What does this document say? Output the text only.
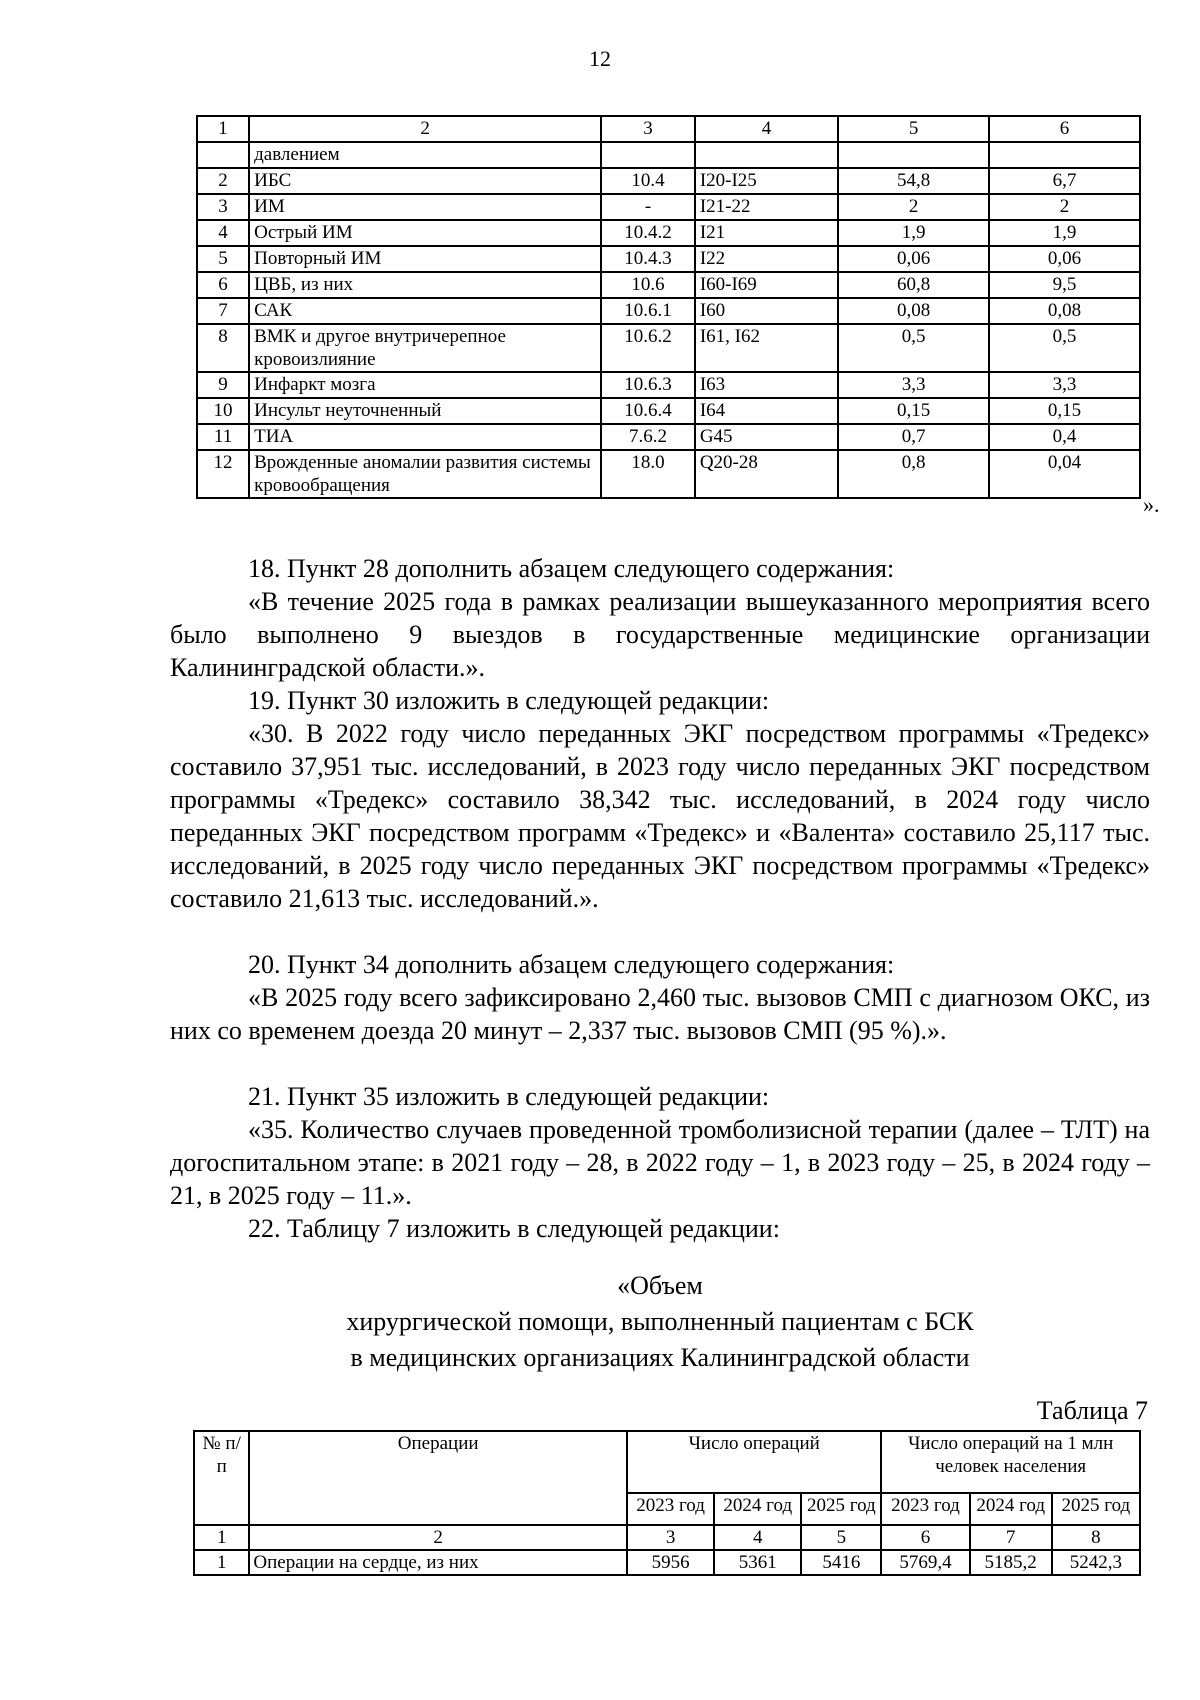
12
1	2	3	4	5	6
	давлением				
2	ИБС	10.4	I20-I25	54,8	6,7
3	ИМ	-	I21-22	2	2
4	Острый ИМ	10.4.2	I21	1,9	1,9
5	Повторный ИМ	10.4.3	I22	0,06	0,06
6	ЦВБ, из них	10.6	I60-I69	60,8	9,5
7	САК	10.6.1	I60	0,08	0,08
8	ВМК и другое внутричерепное кровоизлияние	10.6.2	I61, I62	0,5	0,5
9	Инфаркт мозга	10.6.3	I63	3,3	3,3
10	Инсульт неуточненный	10.6.4	I64	0,15	0,15
11	ТИА	7.6.2	G45	0,7	0,4
12	Врожденные аномалии развития системы кровообращения	18.0	Q20-28	0,8	0,04
».

18. Пункт 28 дополнить абзацем следующего содержания:

«В течение 2025 года в рамках реализации вышеуказанного мероприятия всего было выполнено 9 выездов в государственные медицинские организации Калининградской области.».

19. Пункт 30 изложить в следующей редакции:

«30. В 2022 году число переданных ЭКГ посредством программы «Тредекс» составило 37,951 тыс. исследований, в 2023 году число переданных ЭКГ посредством программы «Тредекс» составило 38,342 тыс. исследований, в 2024 году число переданных ЭКГ посредством программ «Тредекс» и «Валента» составило 25,117 тыс. исследований, в 2025 году число переданных ЭКГ посредством программы «Тредекс» составило 21,613 тыс. исследований.».

20. Пункт 34 дополнить абзацем следующего содержания:

«В 2025 году всего зафиксировано 2,460 тыс. вызовов СМП с диагнозом ОКС, из них со временем доезда 20 минут – 2,337 тыс. вызовов СМП (95 %).».

21. Пункт 35 изложить в следующей редакции:

«35. Количество случаев проведенной тромболизисной терапии (далее – ТЛТ) на догоспитальном этапе: в 2021 году – 28, в 2022 году – 1, в 2023 году – 25, в 2024 году – 21, в 2025 году – 11.».

22. Таблицу 7 изложить в следующей редакции:

«Объем

хирургической помощи, выполненный пациентам с БСК

в медицинских организациях Калининградской области

Таблица 7
№ п/п	Операции	Число операций			Число операций на 1 млн человек населения		
		2023 год	2024 год	2025 год	2023 год	2024 год	2025 год
1	2	3	4	5	6	7	8
1	Операции на сердце, из них	5956	5361	5416	5769,4	5185,2	5242,3
